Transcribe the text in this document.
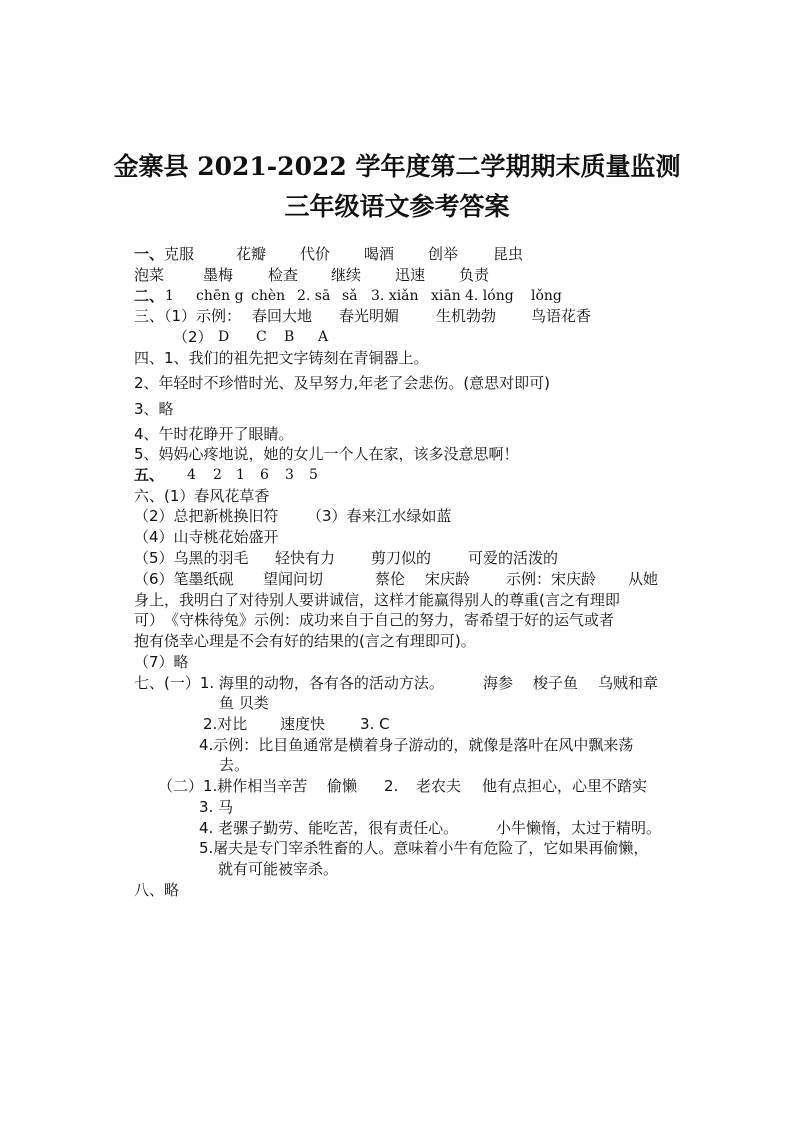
金寨县 2021-2022 学年度第二学期期末质量监测
三年级语文参考答案
一、克服	花瓣 代价 喝酒 创举 昆虫
泡菜	墨梅 检查 继续 迅速 负责
二、 1 chēn g chèn 2. sā sǎ 3. xiǎn xiān 4. lóng lǒng
三、（1）示例： 春回大地 春光明媚 生机勃勃 鸟语花香
（2） D C B A
四、1、我们的祖先把文字铸刻在青铜器上。
2、年轻时不珍惜时光、及早努力,年老了会悲伤。(意思对即可)
3、略
4、午时花睁开了眼睛。
5、妈妈心疼地说，她的女儿一个人在家，该多没意思啊！
五、 4 2 1 6 3 5
六、(1）春风花草香
（2）总把新桃换旧符 （3）春来江水绿如蓝
（4）山寺桃花始盛开
（5）乌黑的羽毛 轻快有力 剪刀似的 可爱的活泼的
（6）笔墨纸砚 望闻问切	蔡伦 宋庆龄 示例：宋庆龄 从她
身上，我明白了对待别人要讲诚信，这样才能赢得别人的尊重(言之有理即
可）　《守株待兔》示例：成功来自于自己的努力，寄希望于好的运气或者
抱有侥幸心理是不会有好的结果的(言之有理即可)。
（7）略
七、(一）1. 海里的动物，各有各的活动方法。	海参 梭子鱼 乌贼和章
鱼 贝类
2.对比 速度快 3. C
4.示例：比目鱼通常是横着身子游动的，就像是落叶在风中飘来荡
去。
（二）1.耕作相当辛苦 偷懒 2. 老农夫 他有点担心，心里不踏实
3. 马
4. 老骡子勤劳、能吃苦，很有责任心。	小牛懒惰，太过于精明。
5.屠夫是专门宰杀牲畜的人。意味着小牛有危险了，它如果再偷懒，
就有可能被宰杀。
八、略
